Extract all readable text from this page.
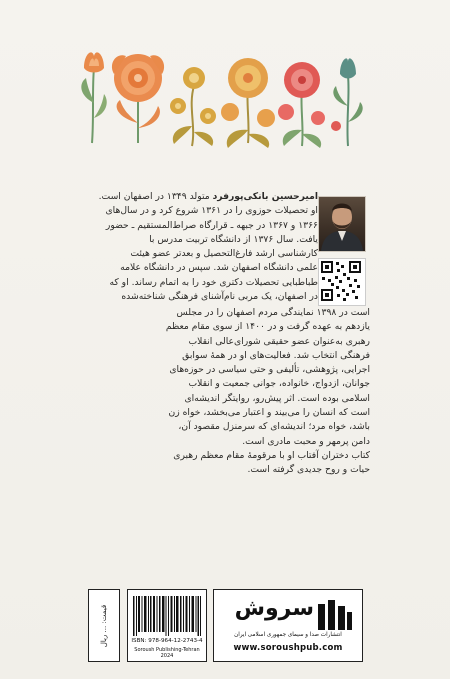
امیرحسین بانکی‌پورفرد متولد ۱۳۴۹ در اصفهان است.
او تحصیلات حوزوی را در ۱۳۶۱ شروع کرد و در سال‌های
۱۳۶۶ و ۱۳۶۷ در جبهه ـ قرارگاه صراط‌المستقیم ـ حضور
یافت. سال ۱۳۷۶ از دانشگاه تربیت مدرس با
کارشناسی ارشد فارغ‌التحصیل و بعدتر عضو هیئت
علمی دانشگاه اصفهان شد. سپس در دانشگاه علامه
طباطبایی تحصیلات دکتری خود را به اتمام رساند. او که
در اصفهان، یک مربی نام‌آشنای فرهنگی شناخته‌شده
است در ۱۳۹۸ نمایندگی مردم اصفهان را در مجلس
یازدهم به عهده گرفت و در ۱۴۰۰ از سوی مقام معظم
رهبری به‌عنوان عضو حقیقی شورای‌عالی انقلاب
فرهنگی انتخاب شد. فعالیت‌های او در همهٔ سوابق
اجرایی، پژوهشی، تألیفی و حتی سیاسی در حوزه‌های
جوانان، ازدواج، خانواده، جوانی جمعیت و انقلاب
اسلامی بوده است. اثر پیش‌رو، روایتگر اندیشه‌ای
است که انسان را می‌بیند و اعتبار می‌بخشد، خواه زن
باشد، خواه مرد؛ اندیشه‌ای که سرمنزل مقصود آن،
دامن پرمهر و محبت مادری است.
کتاب دختران آفتاب او با مرقومهٔ مقام معظم رهبری
حیات و روح جدیدی گرفته است.
قیمت: ... ریال	ISBN: 978-964-12-2743-4
Soroush Publishing-Tehran 2024
سروش
انتشارات صدا و سیمای جمهوری اسلامی ایران
www.soroushpub.com
